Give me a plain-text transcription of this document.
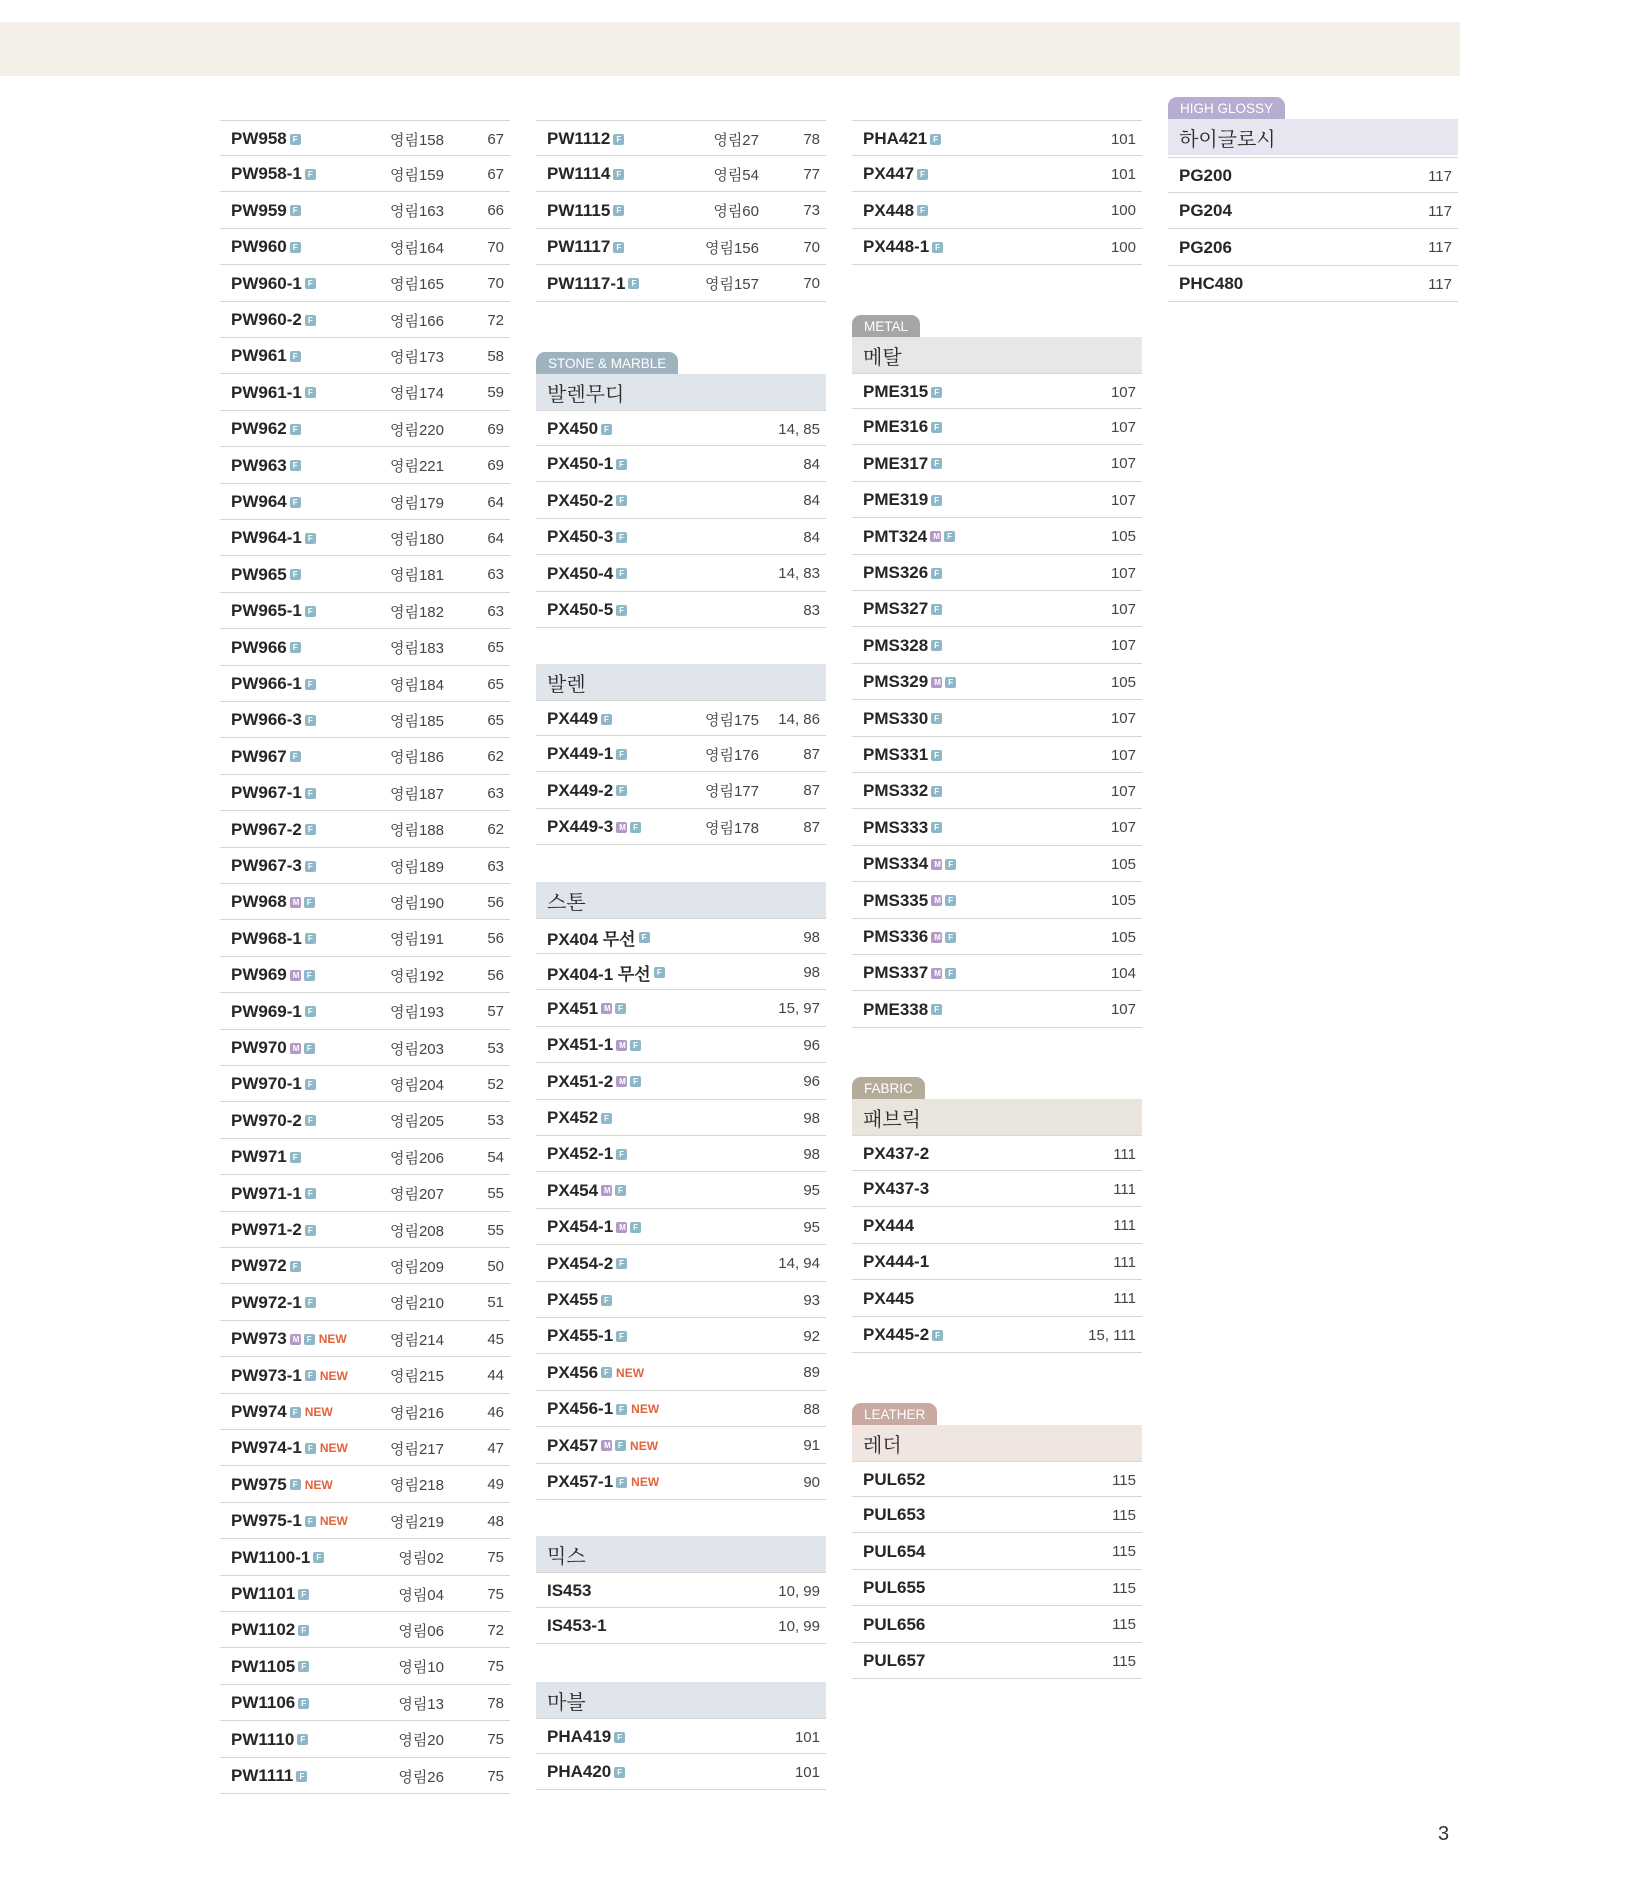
PW958 F	영림158	67
PW958-1 F	영림159	67
PW959 F	영림163	66
PW960 F	영림164	70
PW960-1 F	영림165	70
PW960-2 F	영림166	72
PW961 F	영림173	58
PW961-1 F	영림174	59
PW962 F	영림220	69
PW963 F	영림221	69
PW964 F	영림179	64
PW964-1 F	영림180	64
PW965 F	영림181	63
PW965-1 F	영림182	63
PW966 F	영림183	65
PW966-1 F	영림184	65
PW966-3 F	영림185	65
PW967 F	영림186	62
PW967-1 F	영림187	63
PW967-2 F	영림188	62
PW967-3 F	영림189	63
PW968 M F	영림190	56
PW968-1 F	영림191	56
PW969 M F	영림192	56
PW969-1 F	영림193	57
PW970 M F	영림203	53
PW970-1 F	영림204	52
PW970-2 F	영림205	53
PW971 F	영림206	54
PW971-1 F	영림207	55
PW971-2 F	영림208	55
PW972 F	영림209	50
PW972-1 F	영림210	51
PW973 M F NEW	영림214	45
PW973-1 F NEW	영림215	44
PW974 F NEW	영림216	46
PW974-1 F NEW	영림217	47
PW975 F NEW	영림218	49
PW975-1 F NEW	영림219	48
PW1100-1 F	영림02	75
PW1101 F	영림04	75
PW1102 F	영림06	72
PW1105 F	영림10	75
PW1106 F	영림13	78
PW1110 F	영림20	75
PW1111 F	영림26	75
PW1112 F	영림27	78
PW1114 F	영림54	77
PW1115 F	영림60	73
PW1117 F	영림156	70
PW1117-1 F	영림157	70
STONE & MARBLE
발렌무디
PX450 F	14, 85
PX450-1 F	84
PX450-2 F	84
PX450-3 F	84
PX450-4 F	14, 83
PX450-5 F	83
발렌
PX449 F	영림175 14, 86
PX449-1 F	영림176	87
PX449-2 F	영림177	87
PX449-3 M F	영림178	87
스톤
PX404 무선 F	98
PX404-1 무선 F	98
PX451 M F	15, 97
PX451-1 M F	96
PX451-2 M F	96
PX452 F	98
PX452-1 F	98
PX454 M F	95
PX454-1 M F	95
PX454-2 F	14, 94
PX455 F	93
PX455-1 F	92
PX456 F NEW	89
PX456-1 F NEW	88
PX457 M F NEW	91
PX457-1 F NEW	90
믹스
IS453	10, 99
IS453-1	10, 99
마블
PHA419 F	101
PHA420 F	101
PHA421 F	101
PX447 F	101
PX448 F	100
PX448-1 F	100
METAL
메탈
PME315 F	107
PME316 F	107
PME317 F	107
PME319 F	107
PMT324 M F	105
PMS326 F	107
PMS327 F	107
PMS328 F	107
PMS329 M F	105
PMS330 F	107
PMS331 F	107
PMS332 F	107
PMS333 F	107
PMS334 M F	105
PMS335 M F	105
PMS336 M F	105
PMS337 M F	104
PME338 F	107
FABRIC
패브릭
PX437-2	111
PX437-3	111
PX444	111
PX444-1	111
PX445	111
PX445-2 F	15, 111
LEATHER
레더
PUL652	115
PUL653	115
PUL654	115
PUL655	115
PUL656	115
PUL657	115
HIGH GLOSSY
하이글로시
PG200	117
PG204	117
PG206	117
PHC480	117
3
